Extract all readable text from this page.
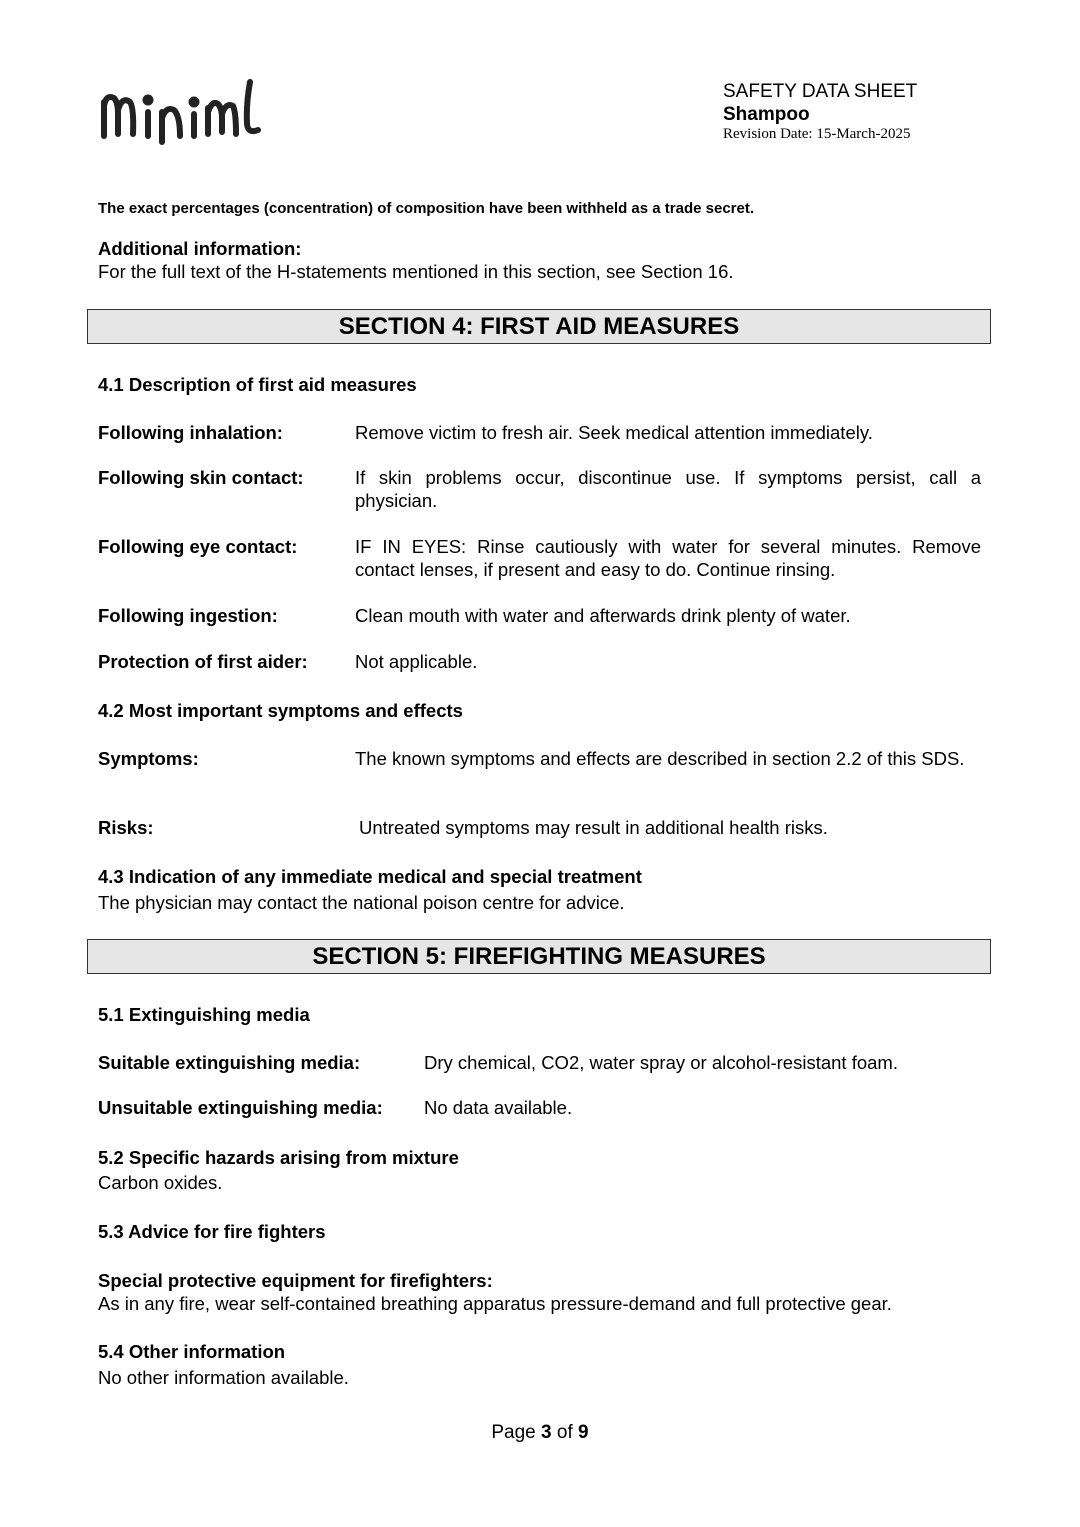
SAFETY DATA SHEET
Shampoo
Revision Date: 15-March-2025
The exact percentages (concentration) of composition have been withheld as a trade secret.
Additional information:
For the full text of the H-statements mentioned in this section, see Section 16.
SECTION 4: FIRST AID MEASURES
4.1 Description of first aid measures
Following inhalation:	Remove victim to fresh air. Seek medical attention immediately.
Following skin contact:	If skin problems occur, discontinue use. If symptoms persist, call a physician.
Following eye contact:	IF IN EYES: Rinse cautiously with water for several minutes. Remove contact lenses, if present and easy to do. Continue rinsing.
Following ingestion:	Clean mouth with water and afterwards drink plenty of water.
Protection of first aider:	Not applicable.
4.2 Most important symptoms and effects
Symptoms:	The known symptoms and effects are described in section 2.2 of this SDS.
Risks:	Untreated symptoms may result in additional health risks.
4.3 Indication of any immediate medical and special treatment
The physician may contact the national poison centre for advice.
SECTION 5: FIREFIGHTING MEASURES
5.1 Extinguishing media
Suitable extinguishing media:	Dry chemical, CO2, water spray or alcohol-resistant foam.
Unsuitable extinguishing media: No data available.
5.2 Specific hazards arising from mixture
Carbon oxides.
5.3 Advice for fire fighters
Special protective equipment for firefighters:
As in any fire, wear self-contained breathing apparatus pressure-demand and full protective gear.
5.4 Other information
No other information available.
Page 3 of 9
